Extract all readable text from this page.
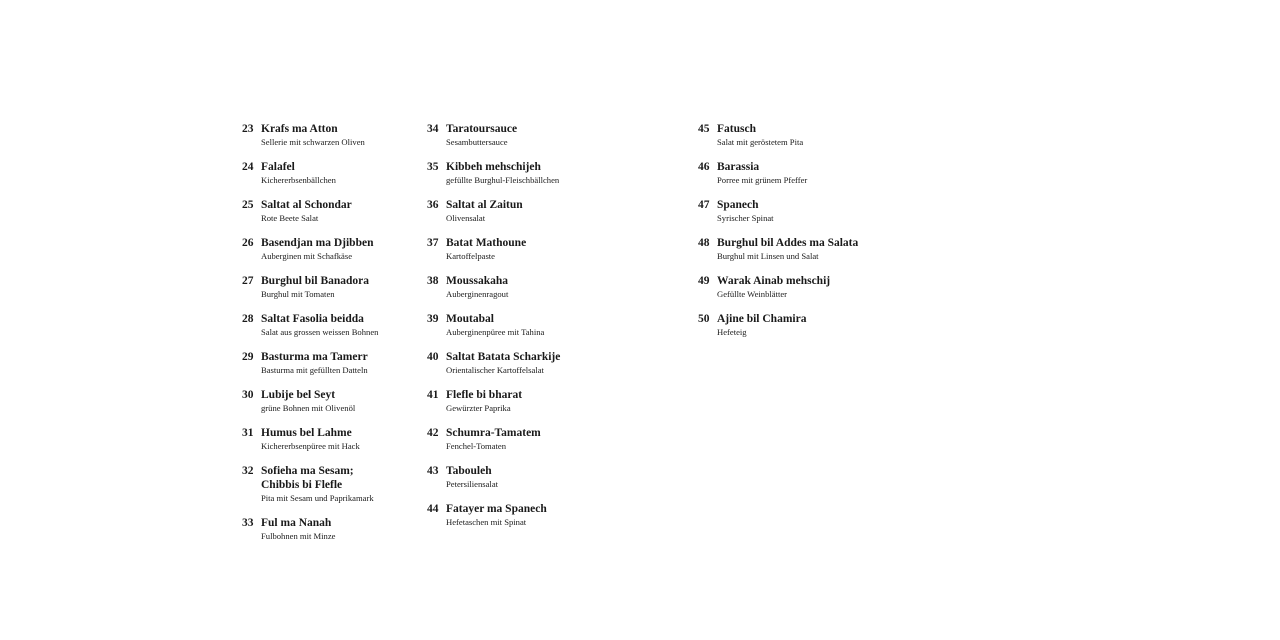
23 Krafs ma Atton
Sellerie mit schwarzen Oliven
24 Falafel
Kichererbsenbällchen
25 Saltat al Schondar
Rote Beete Salat
26 Basendjan ma Djibben
Auberginen mit Schafkäse
27 Burghul bil Banadora
Burghul mit Tomaten
28 Saltat Fasolia beidda
Salat aus grossen weissen Bohnen
29 Basturma ma Tamerr
Basturma mit gefüllten Datteln
30 Lubije bel Seyt
grüne Bohnen mit Olivenöl
31 Humus bel Lahme
Kichererbsenpüree mit Hack
32 Sofieha ma Sesam;
Chibbis bi Flefle
Pita mit Sesam und Paprikamark
33 Ful ma Nanah
Fulbohnen mit Minze
34 Taratoursauce
Sesambuttersauce
35 Kibbeh mehschijeh
gefüllte Burghul-Fleischbällchen
36 Saltat al Zaitun
Olivensalat
37 Batat Mathoune
Kartoffelpaste
38 Moussakaha
Auberginenragout
39 Moutabal
Auberginenpüree mit Tahina
40 Saltat Batata Scharkije
Orientalischer Kartoffelsalat
41 Flefle bi bharat
Gewürzter Paprika
42 Schumra-Tamatem
Fenchel-Tomaten
43 Tabouleh
Petersiliensalat
44 Fatayer ma Spanech
Hefetaschen mit Spinat
45 Fatusch
Salat mit geröstetem Pita
46 Barassia
Porree mit grünem Pfeffer
47 Spanech
Syrischer Spinat
48 Burghul bil Addes ma Salata
Burghul mit Linsen und Salat
49 Warak Ainab mehschij
Gefüllte Weinblätter
50 Ajine bil Chamira
Hefeteig
